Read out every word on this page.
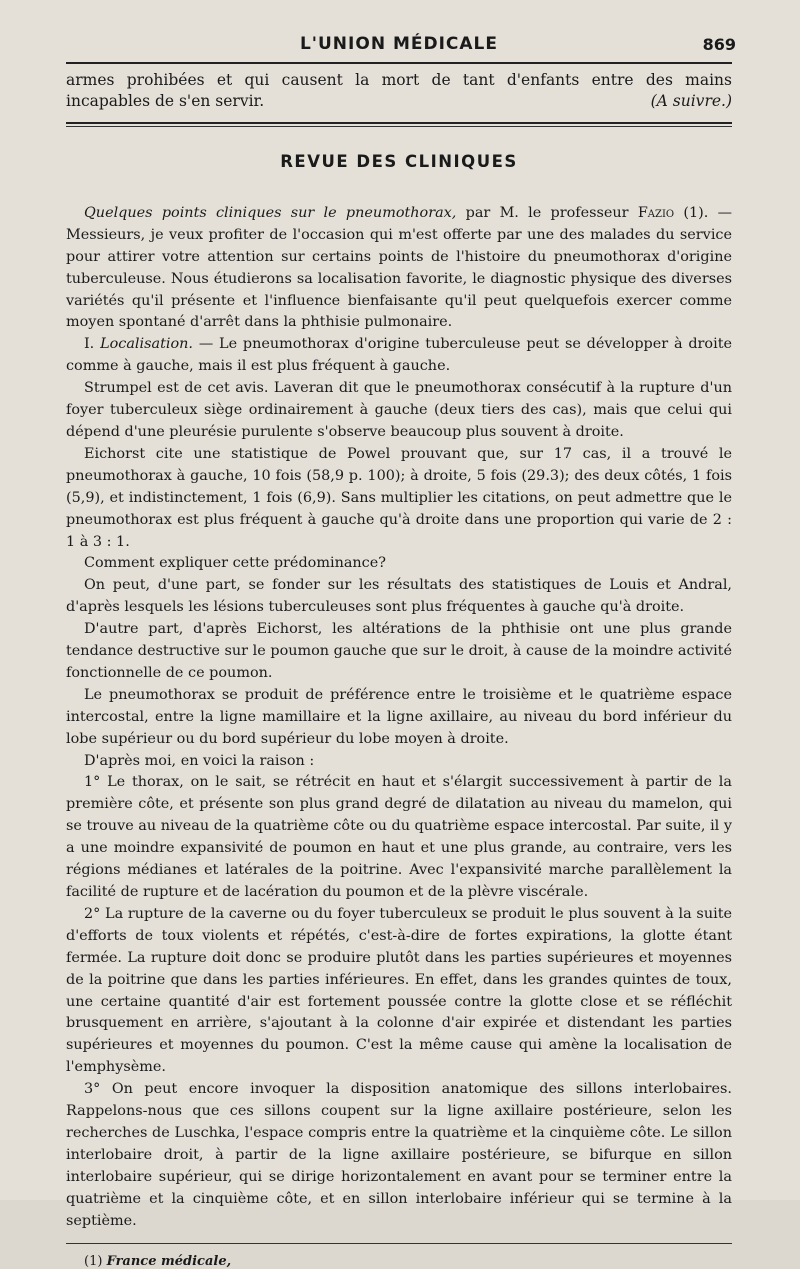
L'UNION MÉDICALE	869

armes prohibées et qui causent la mort de tant d'enfants entre des mains incapables de s'en servir.	(A suivre.)

REVUE DES CLINIQUES

Quelques points cliniques sur le pneumothorax, par M. le professeur Fazio (1). — Messieurs, je veux profiter de l'occasion qui m'est offerte par une des malades du service pour attirer votre attention sur certains points de l'histoire du pneumothorax d'origine tuberculeuse. Nous étudierons sa localisation favorite, le diagnostic physique des diverses variétés qu'il présente et l'influence bienfaisante qu'il peut quelquefois exercer comme moyen spontané d'arrêt dans la phthisie pulmonaire.

I. Localisation. — Le pneumothorax d'origine tuberculeuse peut se développer à droite comme à gauche, mais il est plus fréquent à gauche.

Strumpel est de cet avis. Laveran dit que le pneumothorax consécutif à la rupture d'un foyer tuberculeux siège ordinairement à gauche (deux tiers des cas), mais que celui qui dépend d'une pleurésie purulente s'observe beaucoup plus souvent à droite.

Eichorst cite une statistique de Powel prouvant que, sur 17 cas, il a trouvé le pneumothorax à gauche, 10 fois (58,9 p. 100); à droite, 5 fois (29.3); des deux côtés, 1 fois (5,9), et indistinctement, 1 fois (6,9). Sans multiplier les citations, on peut admettre que le pneumothorax est plus fréquent à gauche qu'à droite dans une proportion qui varie de 2 : 1 à 3 : 1.

Comment expliquer cette prédominance?

On peut, d'une part, se fonder sur les résultats des statistiques de Louis et Andral, d'après lesquels les lésions tuberculeuses sont plus fréquentes à gauche qu'à droite.

D'autre part, d'après Eichorst, les altérations de la phthisie ont une plus grande tendance destructive sur le poumon gauche que sur le droit, à cause de la moindre activité fonctionnelle de ce poumon.

Le pneumothorax se produit de préférence entre le troisième et le quatrième espace intercostal, entre la ligne mamillaire et la ligne axillaire, au niveau du bord inférieur du lobe supérieur ou du bord supérieur du lobe moyen à droite.

D'après moi, en voici la raison :

1° Le thorax, on le sait, se rétrécit en haut et s'élargit successivement à partir de la première côte, et présente son plus grand degré de dilatation au niveau du mamelon, qui se trouve au niveau de la quatrième côte ou du quatrième espace intercostal. Par suite, il y a une moindre expansivité de poumon en haut et une plus grande, au contraire, vers les régions médianes et latérales de la poitrine. Avec l'expansivité marche parallèlement la facilité de rupture et de lacération du poumon et de la plèvre viscérale.

2° La rupture de la caverne ou du foyer tuberculeux se produit le plus souvent à la suite d'efforts de toux violents et répétés, c'est-à-dire de fortes expirations, la glotte étant fermée. La rupture doit donc se produire plutôt dans les parties supérieures et moyennes de la poitrine que dans les parties inférieures. En effet, dans les grandes quintes de toux, une certaine quantité d'air est fortement poussée contre la glotte close et se réfléchit brusquement en arrière, s'ajoutant à la colonne d'air expirée et distendant les parties supérieures et moyennes du poumon. C'est la même cause qui amène la localisation de l'emphysème.

3° On peut encore invoquer la disposition anatomique des sillons interlobaires. Rappelons-nous que ces sillons coupent sur la ligne axillaire postérieure, selon les recherches de Luschka, l'espace compris entre la quatrième et la cinquième côte. Le sillon interlobaire droit, à partir de la ligne axillaire postérieure, se bifurque en sillon interlobaire supérieur, qui se dirige horizontalement en avant pour se terminer entre la quatrième et la cinquième côte, et en sillon interlobaire inférieur qui se termine à la septième.

(1) France médicale,
